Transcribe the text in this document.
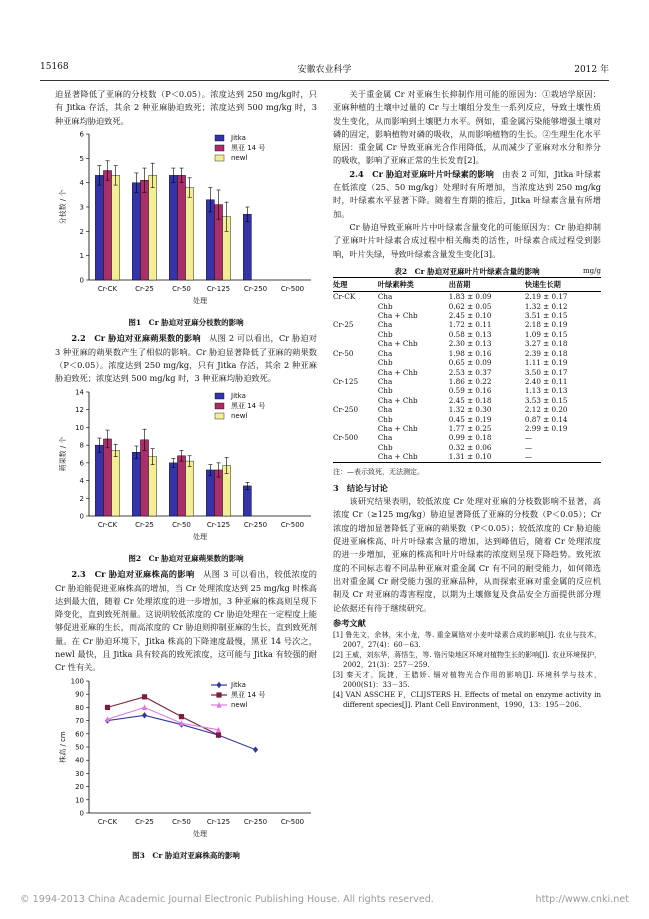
15168	安徽农业科学	2012 年

迫显著降低了亚麻的分枝数（P＜0.05）。浓度达到 250 mg/kg时，只有 Jitka 存活，其余 2 种亚麻胁迫致死；浓度达到 500 mg/kg 时，3 种亚麻均胁迫致死。

0
1
2
3
4
5
6
Cr-CK	Cr-25	Cr-50 Cr-125 Cr-250 Cr-500
处理
分枝数 / 个
Jitka
黑亚 14 号
newl
图1　Cr 胁迫对亚麻分枝数的影响

2.2　Cr 胁迫对亚麻蒴果数的影响　 从图 2 可以看出，Cr 胁迫对 3 种亚麻的蒴果数产生了相似的影响。Cr 胁迫显著降低了亚麻的蒴果数（P＜0.05）。浓度达到 250 mg/kg，只有 Jitka 存活，其余 2 种亚麻胁迫致死；浓度达到 500 mg/kg 时，3 种亚麻均胁迫致死。

0
2
4
6
8
10
12
14
Cr-CK	Cr-25	Cr-50 Cr-125 Cr-250 Cr-500
处理
蒴果数 / 个
Jitka
黑亚 14 号
newl
图2　Cr 胁迫对亚麻蒴果数的影响

2.3　Cr 胁迫对亚麻株高的影响　 从图 3 可以看出，较低浓度的 Cr 胁迫能促进亚麻株高的增加，当 Cr 处理浓度达到 25 mg/kg 时株高达到最大值，随着 Cr 处理浓度的进一步增加，3 种亚麻的株高则呈现下降变化，直到致死剂量。这说明较低浓度的 Cr 胁迫处理在一定程度上能够促进亚麻的生长，而高浓度的 Cr 胁迫则抑制亚麻的生长，直到致死剂量。在 Cr 胁迫环境下，Jitka 株高的下降速度最慢，黑亚 14 号次之，newl 最快，且 Jitka 具有较高的致死浓度，这可能与 Jitka 有较强的耐 Cr 性有关。

0
10
20
30
40
50
60
70
80
90
100
Cr-CK	Cr-25	Cr-50 Cr-125 Cr-250 Cr-500
处理
株高 / cm
Jitka
黑亚 14 号
newl
图3　Cr 胁迫对亚麻株高的影响

关于重金属 Cr 对亚麻生长抑制作用可能的原因为：①栽培学原因：亚麻种植的土壤中过量的 Cr 与土壤组分发生一系列反应，导致土壤性质发生变化，从而影响到土壤肥力水平。例如，重金属污染能够增强土壤对磷的固定，影响植物对磷的吸收，从而影响植物的生长。②生理生化水平原因：重金属 Cr 导致亚麻光合作用降低，从而减少了亚麻对水分和养分的吸收，影响了亚麻正常的生长发育[2]。

2.4　Cr 胁迫对亚麻叶片叶绿素的影响　 由表 2 可知，Jitka 叶绿素在低浓度（25、50 mg/kg）处理时有所增加，当浓度达到 250 mg/kg 时，叶绿素水平显著下降。随着生育期的推后，Jitka 叶绿素含量有所增加。

Cr 胁迫导致亚麻叶片中叶绿素含量变化的可能原因为：Cr 胁迫抑制了亚麻叶片叶绿素合成过程中相关酶类的活性，叶绿素合成过程受到影响，叶片失绿，导致叶绿素含量发生变化[3]。

表2　Cr 胁迫对亚麻叶片叶绿素含量的影响	mg/g
处理	叶绿素种类	出苗期	快速生长期
Cr-CK	Cha	1.83 ± 0.09	2.19 ± 0.17
	Chb	0.62 ± 0.05	1.32 ± 0.12
	Cha + Chb	2.45 ± 0.10	3.51 ± 0.15
Cr-25	Cha	1.72 ± 0.11	2.18 ± 0.19
	Chb	0.58 ± 0.13	1.09 ± 0.15
	Cha + Chb	2.30 ± 0.13	3.27 ± 0.18
Cr-50	Cha	1.98 ± 0.16	2.39 ± 0.18
	Chb	0.65 ± 0.09	1.11 ± 0.19
	Cha + Chb	2.53 ± 0.37	3.50 ± 0.17
Cr-125	Cha	1.86 ± 0.22	2.40 ± 0.11
	Chb	0.59 ± 0.16	1.13 ± 0.13
	Cha + Chb	2.45 ± 0.18	3.53 ± 0.15
Cr-250	Cha	1.32 ± 0.30	2.12 ± 0.20
	Chb	0.45 ± 0.19	0.87 ± 0.14
	Cha + Chb	1.77 ± 0.25	2.99 ± 0.19
Cr-500	Cha	0.99 ± 0.18	—
	Chb	0.32 ± 0.06	—
	Cha + Chb	1.31 ± 0.10	—
注：—表示致死，无法测定。

3　结论与讨论

该研究结果表明，较低浓度 Cr 处理对亚麻的分枝数影响不显著，高浓度 Cr（≥125 mg/kg）胁迫显著降低了亚麻的分枝数（P＜0.05）；Cr 浓度的增加显著降低了亚麻的蒴果数（P＜0.05）；较低浓度的 Cr 胁迫能促进亚麻株高、叶片叶绿素含量的增加，达到峰值后，随着 Cr 处理浓度的进一步增加，亚麻的株高和叶片叶绿素的浓度则呈现下降趋势。致死浓度的不同标志着不同品种亚麻对重金属 Cr 有不同的耐受能力，如何筛选出对重金属 Cr 耐受能力强的亚麻品种，从而探索亚麻对重金属的反应机制及 Cr 对亚麻的毒害程度，以期为土壤修复及食品安全方面提供部分理论依据还有待于继续研究。

参考文献

[1] 鲁先文，余林，宋小龙，等. 重金属铬对小麦叶绿素合成的影响[J]. 农业与技术，2007，27(4)：60－63.
[2] 王威，刘东华，蒋悟生，等. 铬污染地区环境对植物生长的影响[J]. 农业环境保护，2002，21(3)：257－259.
[3] 秦天才，阮捷，王腊娇. 镉对植物光合作用的影响[J]. 环境科学与技术，2000(S1)：33－35.
[4] VAN ASSCHE F，CLIJSTERS H. Effects of metal on enzyme activity in different species[J]. Plant Cell Environment，1990，13：195－206.
© 1994-2013 China Academic Journal Electronic Publishing House. All rights reserved.	http://www.cnki.net
